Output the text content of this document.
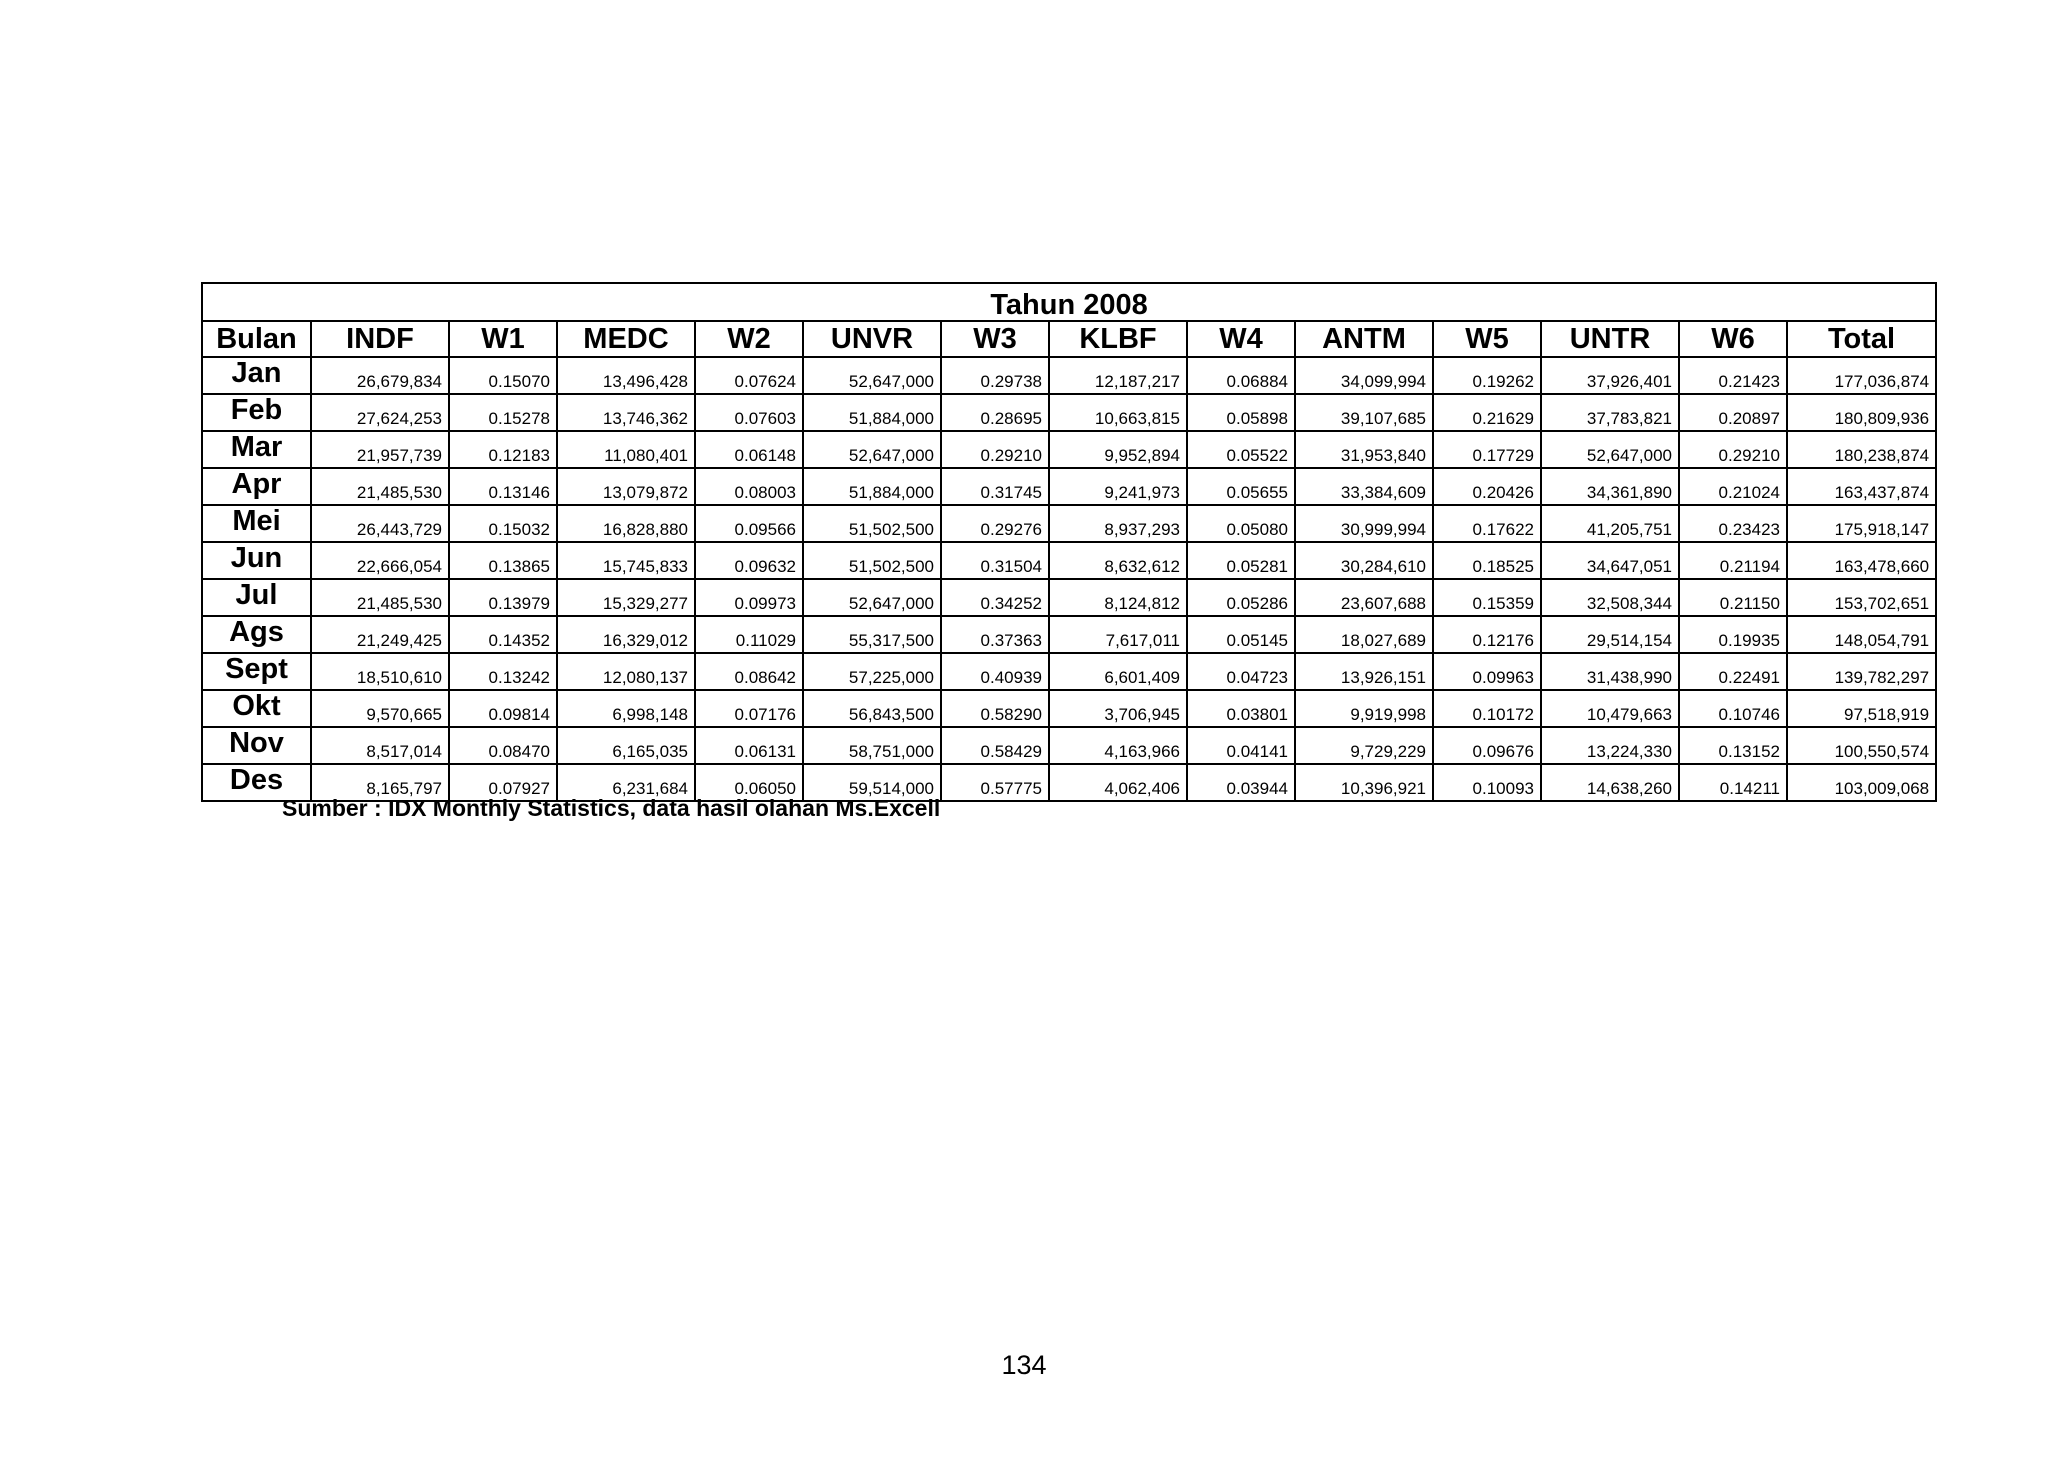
Tahun 2008													
Bulan	INDF	W1	MEDC	W2	UNVR	W3	KLBF	W4	ANTM	W5	UNTR	W6	Total
Jan	26,679,834	0.15070	13,496,428	0.07624	52,647,000	0.29738	12,187,217	0.06884	34,099,994	0.19262	37,926,401	0.21423	177,036,874
Feb	27,624,253	0.15278	13,746,362	0.07603	51,884,000	0.28695	10,663,815	0.05898	39,107,685	0.21629	37,783,821	0.20897	180,809,936
Mar	21,957,739	0.12183	11,080,401	0.06148	52,647,000	0.29210	9,952,894	0.05522	31,953,840	0.17729	52,647,000	0.29210	180,238,874
Apr	21,485,530	0.13146	13,079,872	0.08003	51,884,000	0.31745	9,241,973	0.05655	33,384,609	0.20426	34,361,890	0.21024	163,437,874
Mei	26,443,729	0.15032	16,828,880	0.09566	51,502,500	0.29276	8,937,293	0.05080	30,999,994	0.17622	41,205,751	0.23423	175,918,147
Jun	22,666,054	0.13865	15,745,833	0.09632	51,502,500	0.31504	8,632,612	0.05281	30,284,610	0.18525	34,647,051	0.21194	163,478,660
Jul	21,485,530	0.13979	15,329,277	0.09973	52,647,000	0.34252	8,124,812	0.05286	23,607,688	0.15359	32,508,344	0.21150	153,702,651
Ags	21,249,425	0.14352	16,329,012	0.11029	55,317,500	0.37363	7,617,011	0.05145	18,027,689	0.12176	29,514,154	0.19935	148,054,791
Sept	18,510,610	0.13242	12,080,137	0.08642	57,225,000	0.40939	6,601,409	0.04723	13,926,151	0.09963	31,438,990	0.22491	139,782,297
Okt	9,570,665	0.09814	6,998,148	0.07176	56,843,500	0.58290	3,706,945	0.03801	9,919,998	0.10172	10,479,663	0.10746	97,518,919
Nov	8,517,014	0.08470	6,165,035	0.06131	58,751,000	0.58429	4,163,966	0.04141	9,729,229	0.09676	13,224,330	0.13152	100,550,574
Des	8,165,797	0.07927	6,231,684	0.06050	59,514,000	0.57775	4,062,406	0.03944	10,396,921	0.10093	14,638,260	0.14211	103,009,068
Sumber : IDX Monthly Statistics, data hasil olahan Ms.Excell
134
